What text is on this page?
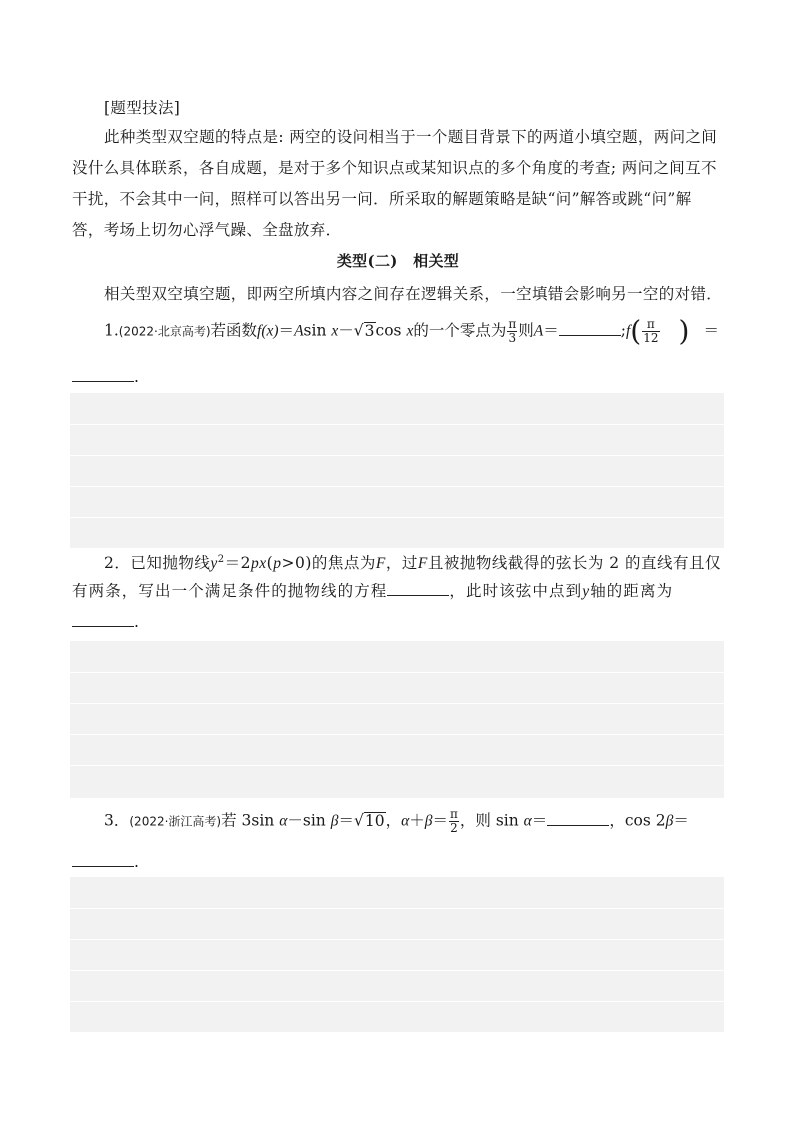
[题型技法]
此种类型双空题的特点是: 两空的设问相当于一个题目背景下的两道小填空题，两问之间
没什么具体联系，各自成题，是对于多个知识点或某知识点的多个角度的考查; 两问之间互不
干扰，不会其中一问，照样可以答出另一问．所采取的解题策略是缺“问”解答或跳“问”解
答，考场上切勿心浮气躁、全盘放弃．
类型(二)　相关型
相关型双空填空题，即两空所填内容之间存在逻辑关系，一空填错会影响另一空的对错．
1.(2022·北京高考)若函数f(x)＝Asin x－√3cos x的一个零点为 $\frac{\pi}{3}$ 则A＝	;f( $\frac{\pi}{12}$ ) ＝
.
2．已知抛物线$y^2=2px(p>0)$的焦点为F，过F且被抛物线截得的弦长为 2 的直线有且仅
有两条，写出一个满足条件的抛物线的方程	，此时该弦中点到y轴的距离为
.
3．(2022·浙江高考)若 3sin α－sin β＝√10，$\alpha+\beta= \frac{\pi}{2}$ ，则 sin α＝	，cos 2β＝
.
